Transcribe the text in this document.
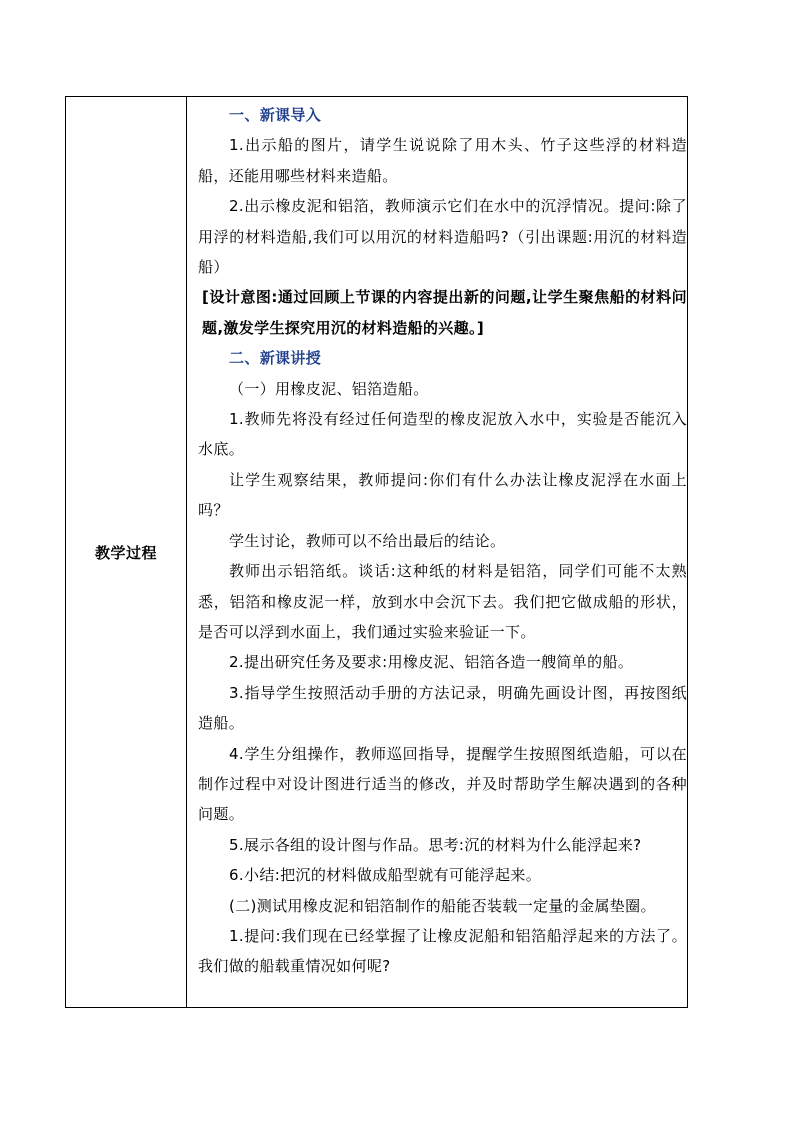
教学过程

一、新课导入

1.出示船的图片，请学生说说除了用木头、竹子这些浮的材料造船，还能用哪些材料来造船。

2.出示橡皮泥和铝箔，教师演示它们在水中的沉浮情况。提问:除了用浮的材料造船,我们可以用沉的材料造船吗?（引出课题:用沉的材料造船）

[设计意图:通过回顾上节课的内容提出新的问题,让学生聚焦船的材料问题,激发学生探究用沉的材料造船的兴趣。]

二、新课讲授

（一）用橡皮泥、铝箔造船。

1.教师先将没有经过任何造型的橡皮泥放入水中，实验是否能沉入水底。

让学生观察结果，教师提问:你们有什么办法让橡皮泥浮在水面上吗？

学生讨论，教师可以不给出最后的结论。

教师出示铝箔纸。谈话:这种纸的材料是铝箔，同学们可能不太熟悉，铝箔和橡皮泥一样，放到水中会沉下去。我们把它做成船的形状，是否可以浮到水面上，我们通过实验来验证一下。

2.提出研究任务及要求:用橡皮泥、铝箔各造一艘简单的船。

3.指导学生按照活动手册的方法记录，明确先画设计图，再按图纸造船。

4.学生分组操作，教师巡回指导，提醒学生按照图纸造船，可以在制作过程中对设计图进行适当的修改，并及时帮助学生解决遇到的各种问题。

5.展示各组的设计图与作品。思考:沉的材料为什么能浮起来?

6.小结:把沉的材料做成船型就有可能浮起来。

(二)测试用橡皮泥和铝箔制作的船能否装载一定量的金属垫圈。

1.提问:我们现在已经掌握了让橡皮泥船和铝箔船浮起来的方法了。我们做的船载重情况如何呢?
